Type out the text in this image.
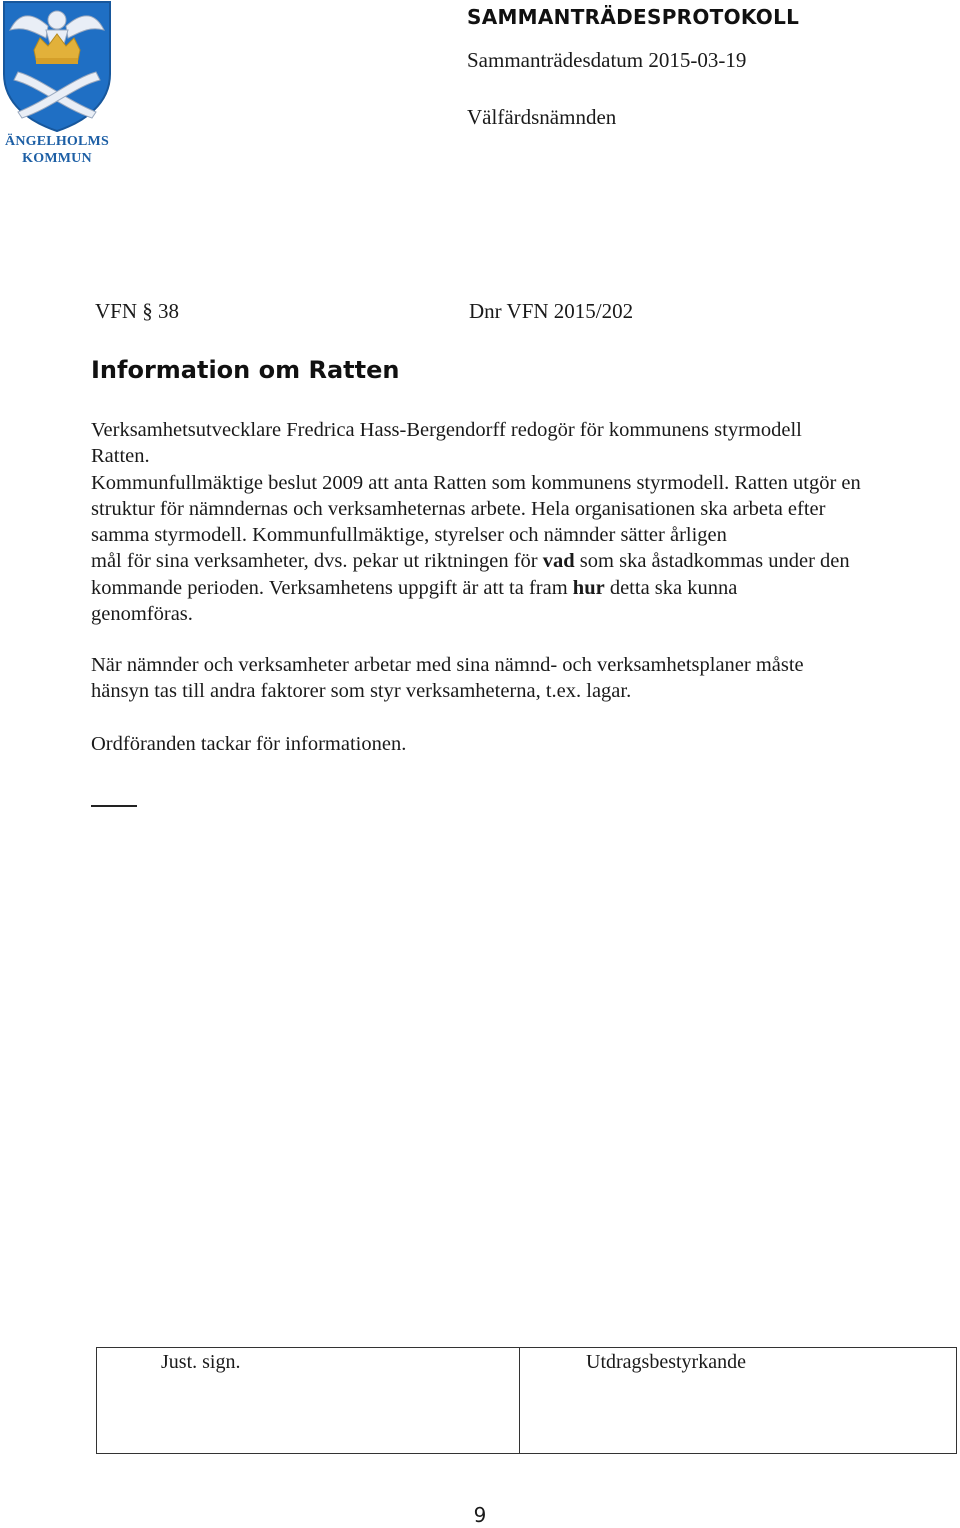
ÄNGELHOLMS
KOMMUN
SAMMANTRÄDESPROTOKOLL
Sammanträdesdatum 2015-03-19
Välfärdsnämnden
VFN § 38	Dnr VFN 2015/202
Information om Ratten
Verksamhetsutvecklare Fredrica Hass-Bergendorff redogör för kommunens styrmodell
Ratten.
Kommunfullmäktige beslut 2009 att anta Ratten som kommunens styrmodell. Ratten utgör en
struktur för nämndernas och verksamheternas arbete. Hela organisationen ska arbeta efter
samma styrmodell. Kommunfullmäktige, styrelser och nämnder sätter årligen
mål för sina verksamheter, dvs. pekar ut riktningen för vad som ska åstadkommas under den
kommande perioden. Verksamhetens uppgift är att ta fram hur detta ska kunna
genomföras.
När nämnder och verksamheter arbetar med sina nämnd- och verksamhetsplaner måste
hänsyn tas till andra faktorer som styr verksamheterna, t.ex. lagar.
Ordföranden tackar för informationen.
Just. sign.	Utdragsbestyrkande
9
